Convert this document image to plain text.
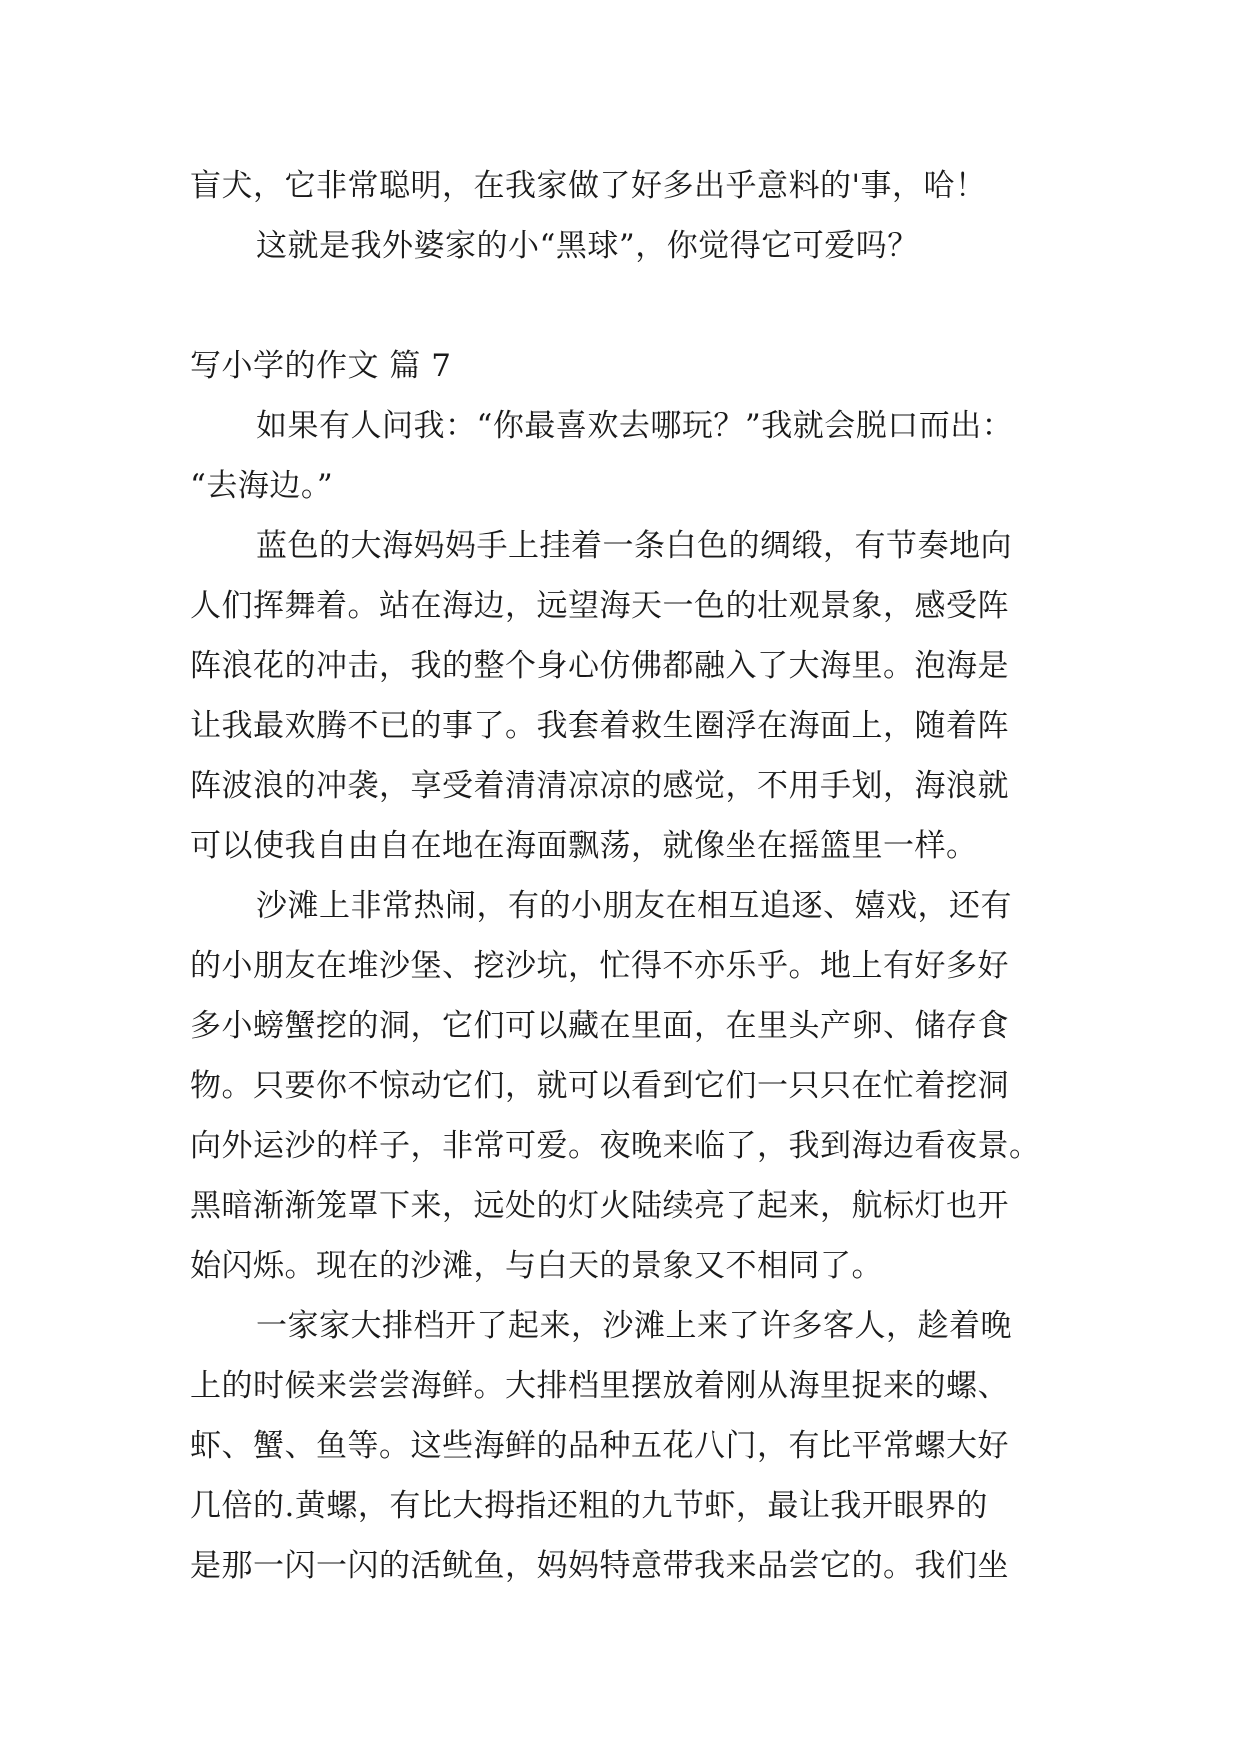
盲犬，它非常聪明，在我家做了好多出乎意料的'事，哈！
这就是我外婆家的小“黑球”，你觉得它可爱吗？
写小学的作文 篇 7
如果有人问我：“你最喜欢去哪玩？”我就会脱口而出：
“去海边。”
蓝色的大海妈妈手上挂着一条白色的绸缎，有节奏地向
人们挥舞着。站在海边，远望海天一色的壮观景象，感受阵
阵浪花的冲击，我的整个身心仿佛都融入了大海里。泡海是
让我最欢腾不已的事了。我套着救生圈浮在海面上，随着阵
阵波浪的冲袭，享受着清清凉凉的感觉，不用手划，海浪就
可以使我自由自在地在海面飘荡，就像坐在摇篮里一样。
沙滩上非常热闹，有的小朋友在相互追逐、嬉戏，还有
的小朋友在堆沙堡、挖沙坑，忙得不亦乐乎。地上有好多好
多小螃蟹挖的洞，它们可以藏在里面，在里头产卵、储存食
物。只要你不惊动它们，就可以看到它们一只只在忙着挖洞
向外运沙的样子，非常可爱。夜晚来临了，我到海边看夜景。
黑暗渐渐笼罩下来，远处的灯火陆续亮了起来，航标灯也开
始闪烁。现在的沙滩，与白天的景象又不相同了。
一家家大排档开了起来，沙滩上来了许多客人，趁着晚
上的时候来尝尝海鲜。大排档里摆放着刚从海里捉来的螺、
虾、蟹、鱼等。这些海鲜的品种五花八门，有比平常螺大好
几倍的.黄螺，有比大拇指还粗的九节虾，最让我开眼界的
是那一闪一闪的活鱿鱼，妈妈特意带我来品尝它的。我们坐
